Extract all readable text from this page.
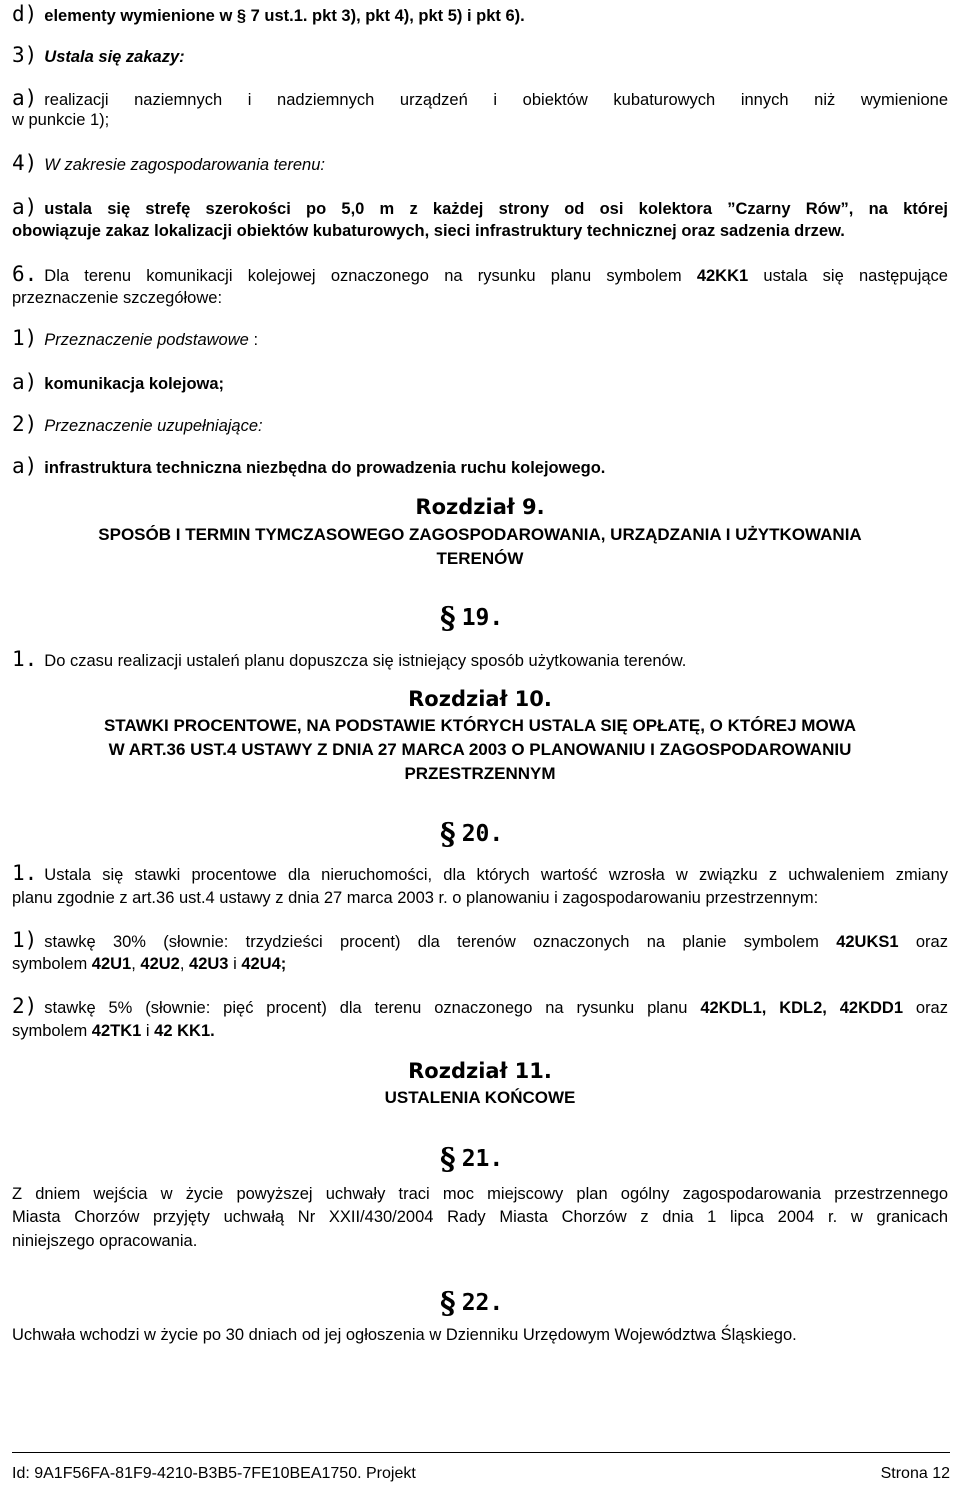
d) elementy wymienione w § 7 ust.1. pkt 3), pkt 4), pkt 5) i pkt 6).
3) Ustala się zakazy:
a) realizacji naziemnych i nadziemnych urządzeń i obiektów kubaturowych innych niż wymienione
w punkcie 1);
4) W zakresie zagospodarowania terenu:
a) ustala się strefę szerokości po 5,0 m z każdej strony od osi kolektora ”Czarny Rów”, na której
obowiązuje zakaz lokalizacji obiektów kubaturowych, sieci infrastruktury technicznej oraz sadzenia drzew.
6. Dla terenu komunikacji kolejowej oznaczonego na rysunku planu symbolem 42KK1 ustala się następujące
przeznaczenie szczegółowe:
1) Przeznaczenie podstawowe :
a) komunikacja kolejowa;
2) Przeznaczenie uzupełniające:
a) infrastruktura techniczna niezbędna do prowadzenia ruchu kolejowego.
Rozdział 9.
SPOSÓB I TERMIN TYMCZASOWEGO ZAGOSPODAROWANIA, URZĄDZANIA I UŻYTKOWANIA
TERENÓW
§ 19.
1. Do czasu realizacji ustaleń planu dopuszcza się istniejący sposób użytkowania terenów.
Rozdział 10.
STAWKI PROCENTOWE, NA PODSTAWIE KTÓRYCH USTALA SIĘ OPŁATĘ, O KTÓREJ MOWA
W ART.36 UST.4 USTAWY Z DNIA 27 MARCA 2003 O PLANOWANIU I ZAGOSPODAROWANIU
PRZESTRZENNYM
§ 20.
1. Ustala się stawki procentowe dla nieruchomości, dla których wartość wzrosła w związku z uchwaleniem zmiany
planu zgodnie z art.36 ust.4 ustawy z dnia 27 marca 2003 r. o planowaniu i zagospodarowaniu przestrzennym:
1) stawkę 30% (słownie: trzydzieści procent) dla terenów oznaczonych na planie symbolem 42UKS1 oraz
symbolem 42U1, 42U2, 42U3 i 42U4;
2) stawkę 5% (słownie: pięć procent) dla terenu oznaczonego na rysunku planu 42KDL1, KDL2, 42KDD1 oraz
symbolem 42TK1 i 42 KK1.
Rozdział 11.
USTALENIA KOŃCOWE
§ 21.
Z dniem wejścia w życie powyższej uchwały traci moc miejscowy plan ogólny zagospodarowania przestrzennego
Miasta Chorzów przyjęty uchwałą Nr XXII/430/2004 Rady Miasta Chorzów z dnia 1 lipca 2004 r. w granicach
niniejszego opracowania.
§ 22.
Uchwała wchodzi w życie po 30 dniach od jej ogłoszenia w Dzienniku Urzędowym Województwa Śląskiego.
Id: 9A1F56FA-81F9-4210-B3B5-7FE10BEA1750. Projekt	Strona 12
